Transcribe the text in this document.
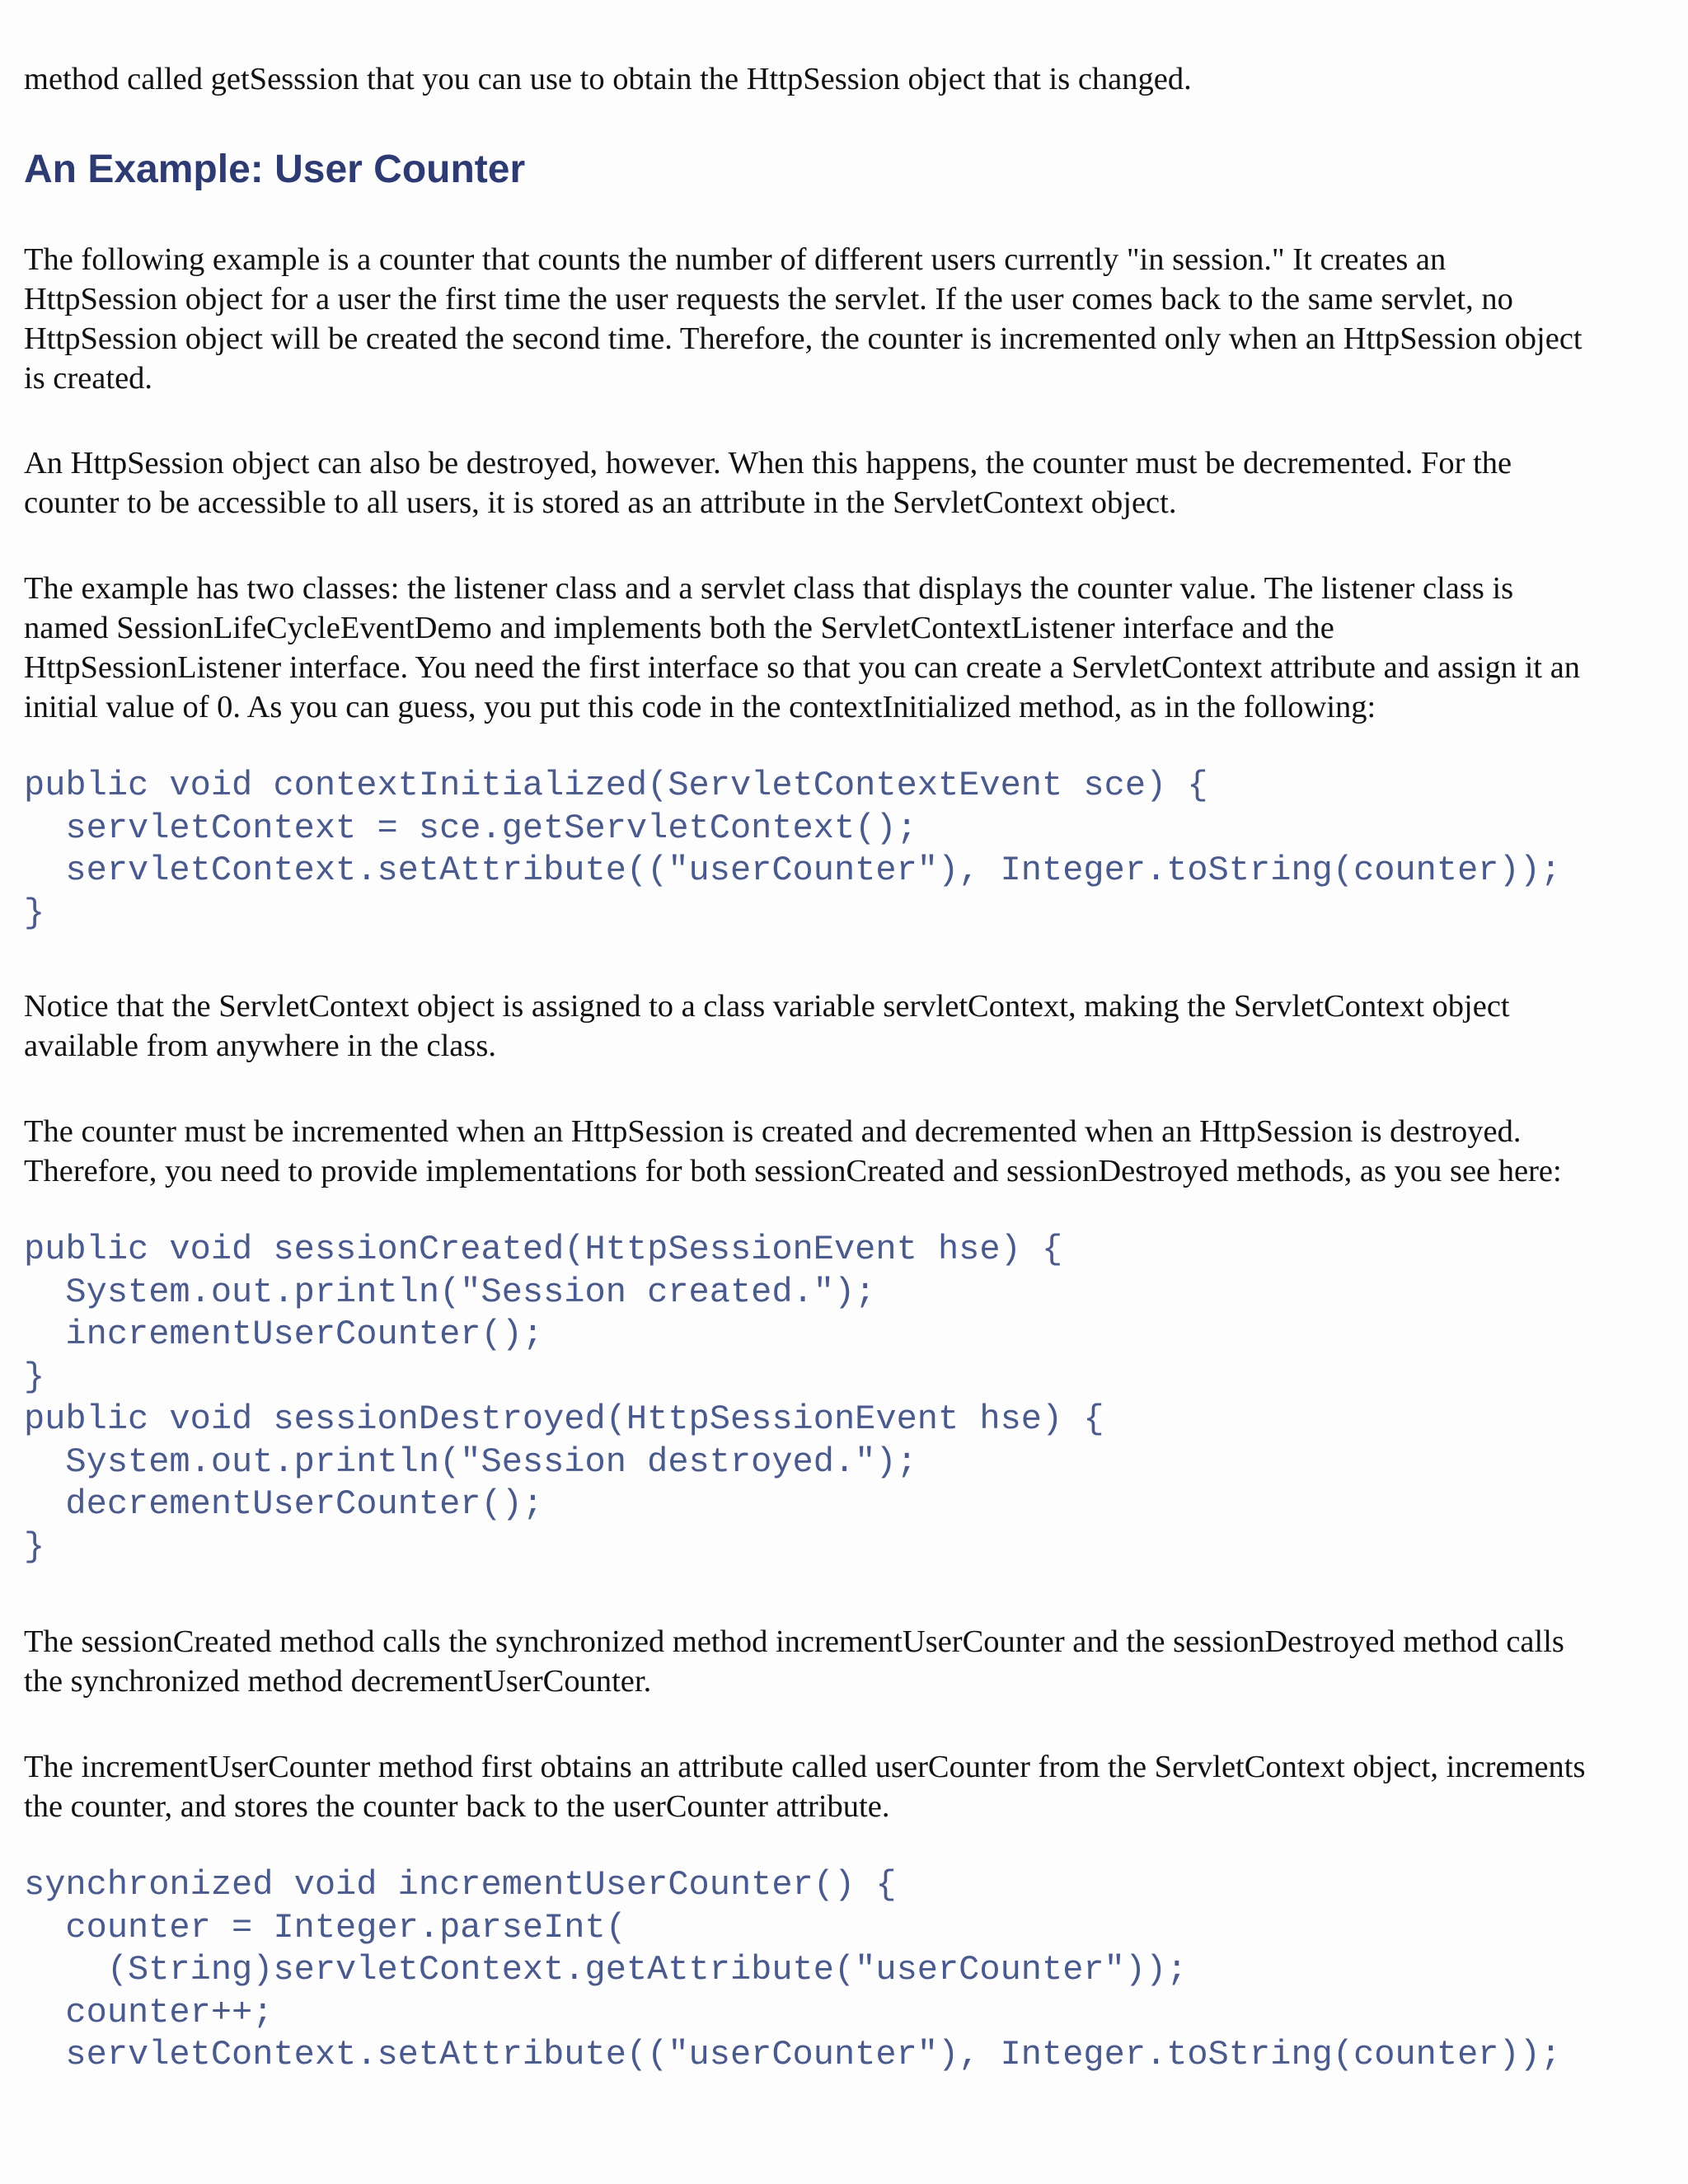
method called getSesssion that you can use to obtain the HttpSession object that is changed.

An Example: User Counter

The following example is a counter that counts the number of different users currently "in session." It creates an
HttpSession object for a user the first time the user requests the servlet. If the user comes back to the same servlet, no
HttpSession object will be created the second time. Therefore, the counter is incremented only when an HttpSession object
is created.

An HttpSession object can also be destroyed, however. When this happens, the counter must be decremented. For the
counter to be accessible to all users, it is stored as an attribute in the ServletContext object.

The example has two classes: the listener class and a servlet class that displays the counter value. The listener class is
named SessionLifeCycleEventDemo and implements both the ServletContextListener interface and the
HttpSessionListener interface. You need the first interface so that you can create a ServletContext attribute and assign it an
initial value of 0. As you can guess, you put this code in the contextInitialized method, as in the following:

public void contextInitialized(ServletContextEvent sce) {
servletContext = sce.getServletContext();
servletContext.setAttribute(("userCounter"), Integer.toString(counter));
}

Notice that the ServletContext object is assigned to a class variable servletContext, making the ServletContext object
available from anywhere in the class.

The counter must be incremented when an HttpSession is created and decremented when an HttpSession is destroyed.
Therefore, you need to provide implementations for both sessionCreated and sessionDestroyed methods, as you see here:

public void sessionCreated(HttpSessionEvent hse) {
System.out.println("Session created.");
incrementUserCounter();
}
public void sessionDestroyed(HttpSessionEvent hse) {
System.out.println("Session destroyed.");
decrementUserCounter();
}

The sessionCreated method calls the synchronized method incrementUserCounter and the sessionDestroyed method calls
the synchronized method decrementUserCounter.

The incrementUserCounter method first obtains an attribute called userCounter from the ServletContext object, increments
the counter, and stores the counter back to the userCounter attribute.

synchronized void incrementUserCounter() {
counter = Integer.parseInt(
(String)servletContext.getAttribute("userCounter"));
counter++;
servletContext.setAttribute(("userCounter"), Integer.toString(counter));
